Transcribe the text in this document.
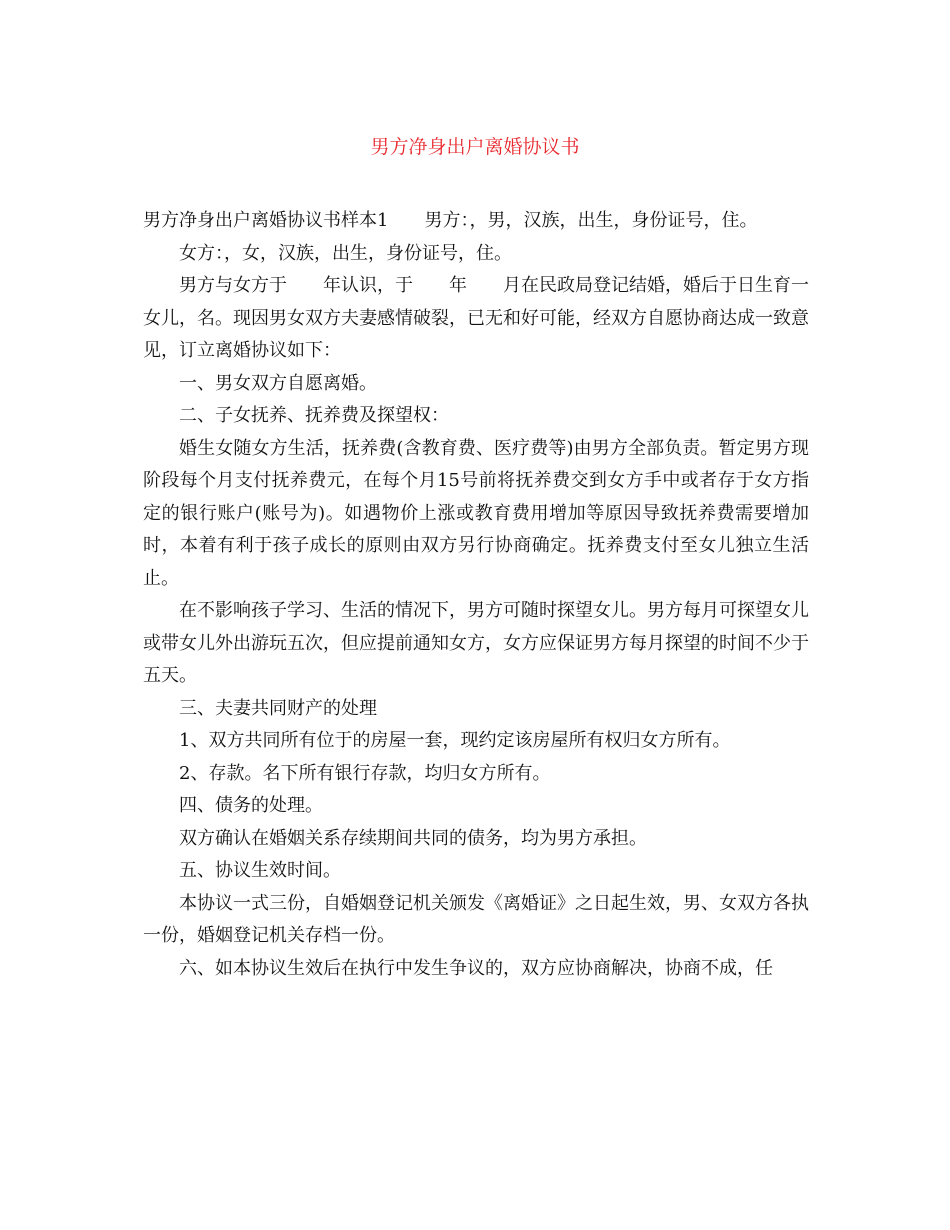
男方净身出户离婚协议书

男方净身出户离婚协议书样本1　　男方：，男，汉族，出生，身份证号，住。

女方：，女，汉族，出生，身份证号，住。

男方与女方于　　年认识，于　　年　　月在民政局登记结婚，婚后于日生育一女儿，名。现因男女双方夫妻感情破裂，已无和好可能，经双方自愿协商达成一致意见，订立离婚协议如下：

一、男女双方自愿离婚。

二、子女抚养、抚养费及探望权：

婚生女随女方生活，抚养费(含教育费、医疗费等)由男方全部负责。暂定男方现阶段每个月支付抚养费元，在每个月15号前将抚养费交到女方手中或者存于女方指定的银行账户(账号为)。如遇物价上涨或教育费用增加等原因导致抚养费需要增加时，本着有利于孩子成长的原则由双方另行协商确定。抚养费支付至女儿独立生活止。

在不影响孩子学习、生活的情况下，男方可随时探望女儿。男方每月可探望女儿或带女儿外出游玩五次，但应提前通知女方，女方应保证男方每月探望的时间不少于五天。

三、夫妻共同财产的处理

1、双方共同所有位于的房屋一套，现约定该房屋所有权归女方所有。

2、存款。名下所有银行存款，均归女方所有。

四、债务的处理。

双方确认在婚姻关系存续期间共同的债务，均为男方承担。

五、协议生效时间。

本协议一式三份，自婚姻登记机关颁发《离婚证》之日起生效，男、女双方各执一份，婚姻登记机关存档一份。

六、如本协议生效后在执行中发生争议的，双方应协商解决，协商不成，任
